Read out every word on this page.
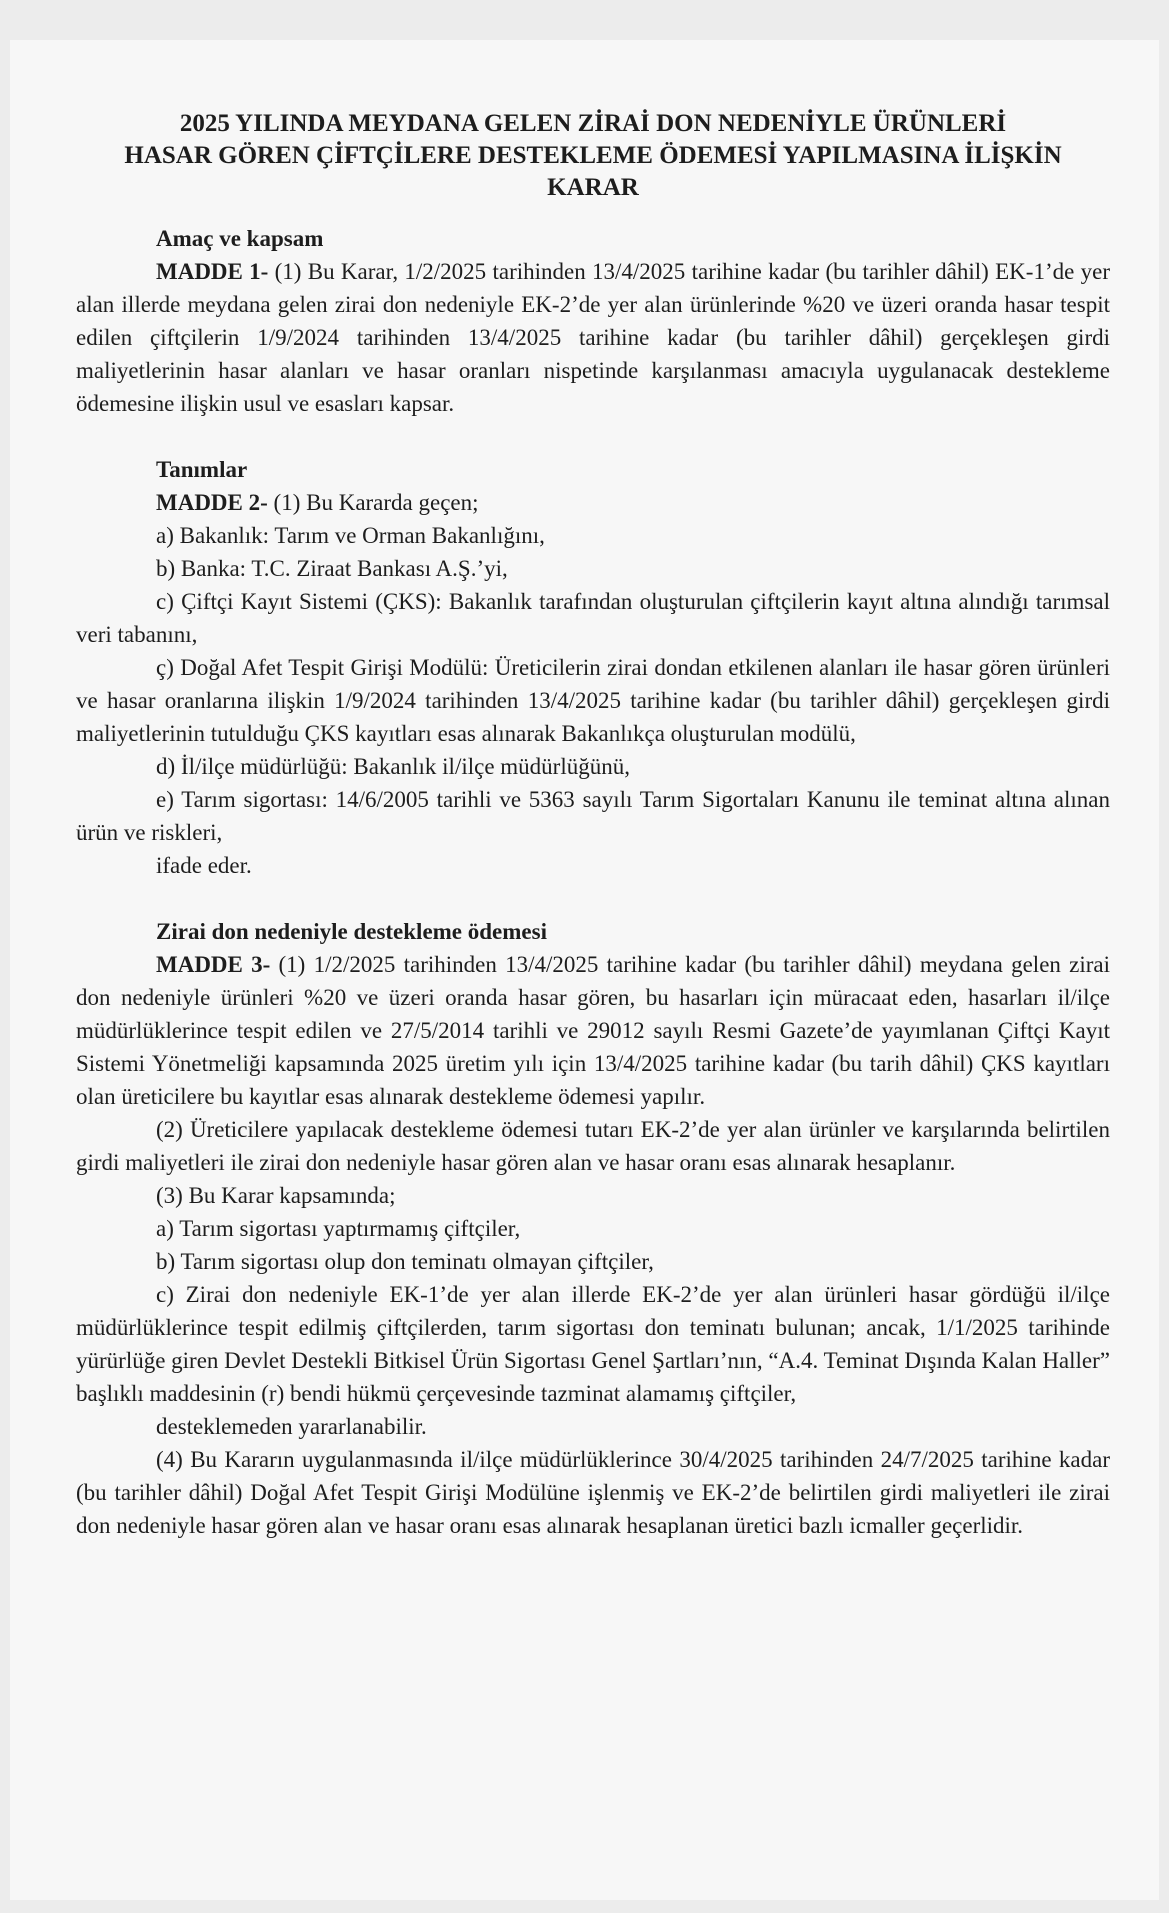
2025 YILINDA MEYDANA GELEN ZİRAİ DON NEDENİYLE ÜRÜNLERİ
HASAR GÖREN ÇİFTÇİLERE DESTEKLEME ÖDEMESİ YAPILMASINA İLİŞKİN
KARAR
Amaç ve kapsam

MADDE 1- (1) Bu Karar, 1/2/2025 tarihinden 13/4/2025 tarihine kadar (bu tarihler dâhil) EK-1’de yer alan illerde meydana gelen zirai don nedeniyle EK-2’de yer alan ürünlerinde %20 ve üzeri oranda hasar tespit edilen çiftçilerin 1/9/2024 tarihinden 13/4/2025 tarihine kadar (bu tarihler dâhil) gerçekleşen girdi maliyetlerinin hasar alanları ve hasar oranları nispetinde karşılanması amacıyla uygulanacak destekleme ödemesine ilişkin usul ve esasları kapsar.

Tanımlar

MADDE 2- (1) Bu Kararda geçen;

a) Bakanlık: Tarım ve Orman Bakanlığını,

b) Banka: T.C. Ziraat Bankası A.Ş.’yi,

c) Çiftçi Kayıt Sistemi (ÇKS): Bakanlık tarafından oluşturulan çiftçilerin kayıt altına alındığı tarımsal veri tabanını,

ç) Doğal Afet Tespit Girişi Modülü: Üreticilerin zirai dondan etkilenen alanları ile hasar gören ürünleri ve hasar oranlarına ilişkin 1/9/2024 tarihinden 13/4/2025 tarihine kadar (bu tarihler dâhil) gerçekleşen girdi maliyetlerinin tutulduğu ÇKS kayıtları esas alınarak Bakanlıkça oluşturulan modülü,

d) İl/ilçe müdürlüğü: Bakanlık il/ilçe müdürlüğünü,

e) Tarım sigortası: 14/6/2005 tarihli ve 5363 sayılı Tarım Sigortaları Kanunu ile teminat altına alınan ürün ve riskleri,

ifade eder.

Zirai don nedeniyle destekleme ödemesi

MADDE 3- (1) 1/2/2025 tarihinden 13/4/2025 tarihine kadar (bu tarihler dâhil) meydana gelen zirai don nedeniyle ürünleri %20 ve üzeri oranda hasar gören, bu hasarları için müracaat eden, hasarları il/ilçe müdürlüklerince tespit edilen ve 27/5/2014 tarihli ve 29012 sayılı Resmi Gazete’de yayımlanan Çiftçi Kayıt Sistemi Yönetmeliği kapsamında 2025 üretim yılı için 13/4/2025 tarihine kadar (bu tarih dâhil) ÇKS kayıtları olan üreticilere bu kayıtlar esas alınarak destekleme ödemesi yapılır.

(2) Üreticilere yapılacak destekleme ödemesi tutarı EK-2’de yer alan ürünler ve karşılarında belirtilen girdi maliyetleri ile zirai don nedeniyle hasar gören alan ve hasar oranı esas alınarak hesaplanır.

(3) Bu Karar kapsamında;

a) Tarım sigortası yaptırmamış çiftçiler,

b) Tarım sigortası olup don teminatı olmayan çiftçiler,

c) Zirai don nedeniyle EK-1’de yer alan illerde EK-2’de yer alan ürünleri hasar gördüğü il/ilçe müdürlüklerince tespit edilmiş çiftçilerden, tarım sigortası don teminatı bulunan; ancak, 1/1/2025 tarihinde yürürlüğe giren Devlet Destekli Bitkisel Ürün Sigortası Genel Şartları’nın, “A.4. Teminat Dışında Kalan Haller” başlıklı maddesinin (r) bendi hükmü çerçevesinde tazminat alamamış çiftçiler,

desteklemeden yararlanabilir.

(4) Bu Kararın uygulanmasında il/ilçe müdürlüklerince 30/4/2025 tarihinden 24/7/2025 tarihine kadar (bu tarihler dâhil) Doğal Afet Tespit Girişi Modülüne işlenmiş ve EK-2’de belirtilen girdi maliyetleri ile zirai don nedeniyle hasar gören alan ve hasar oranı esas alınarak hesaplanan üretici bazlı icmaller geçerlidir.
